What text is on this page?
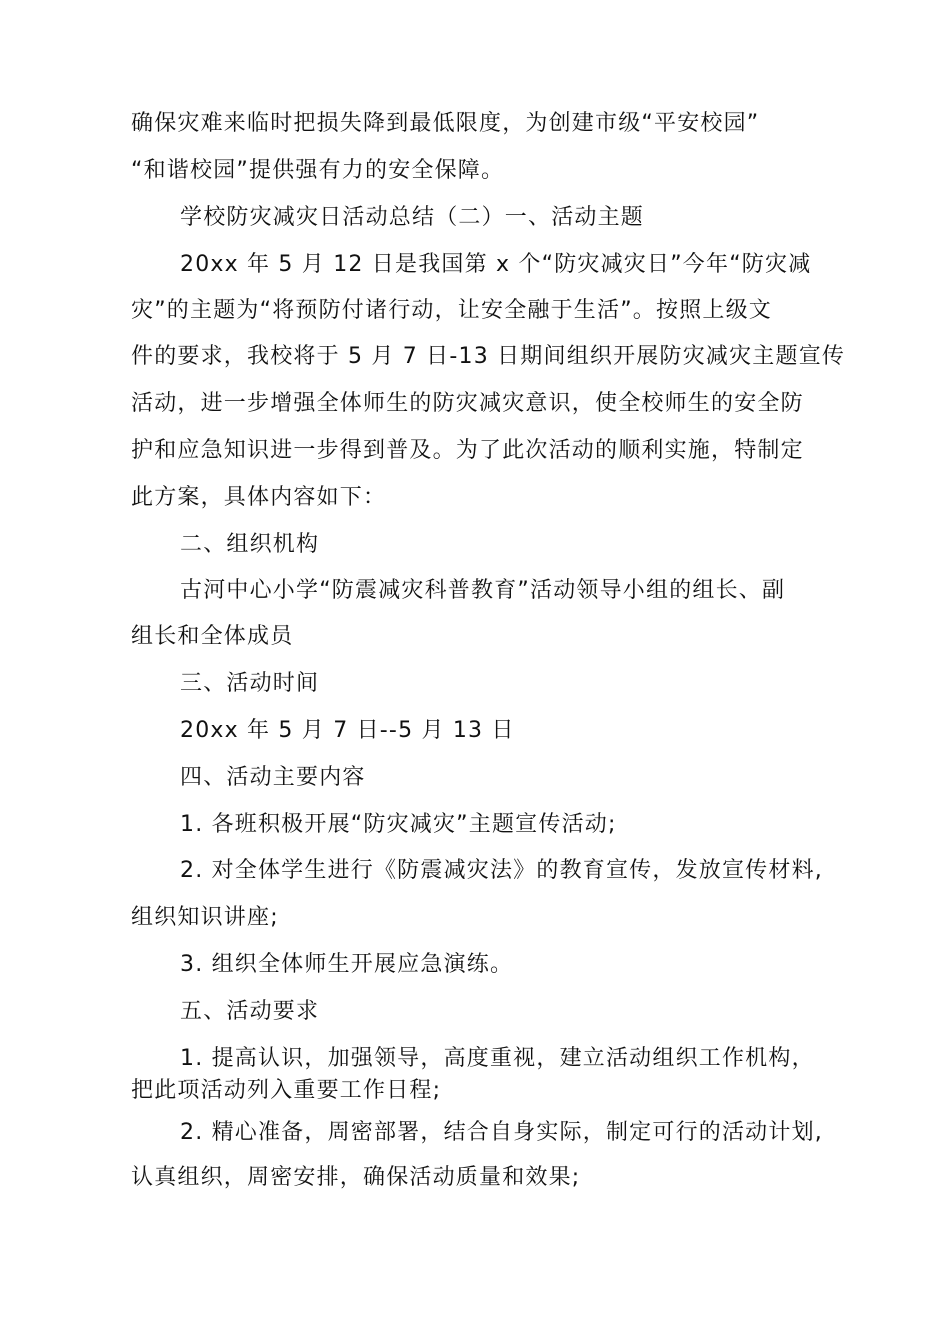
确保灾难来临时把损失降到最低限度，为创建市级“平安校园”
“和谐校园”提供强有力的安全保障。
学校防灾减灾日活动总结（二）一、活动主题
20xx 年 5 月 12 日是我国第 x 个“防灾减灾日”今年“防灾减
灾”的主题为“将预防付诸行动，让安全融于生活”。按照上级文
件的要求，我校将于 5 月 7 日-13 日期间组织开展防灾减灾主题宣传
活动，进一步增强全体师生的防灾减灾意识，使全校师生的安全防
护和应急知识进一步得到普及。为了此次活动的顺利实施，特制定
此方案，具体内容如下：
二、组织机构
古河中心小学“防震减灾科普教育”活动领导小组的组长、副
组长和全体成员
三、活动时间
20xx 年 5 月 7 日--5 月 13 日
四、活动主要内容
1. 各班积极开展“防灾减灾”主题宣传活动;
2. 对全体学生进行《防震减灾法》的教育宣传，发放宣传材料,
组织知识讲座;
3. 组织全体师生开展应急演练。
五、活动要求
1. 提高认识，加强领导，高度重视，建立活动组织工作机构，
把此项活动列入重要工作日程;
2. 精心准备，周密部署，结合自身实际，制定可行的活动计划,
认真组织，周密安排，确保活动质量和效果;
